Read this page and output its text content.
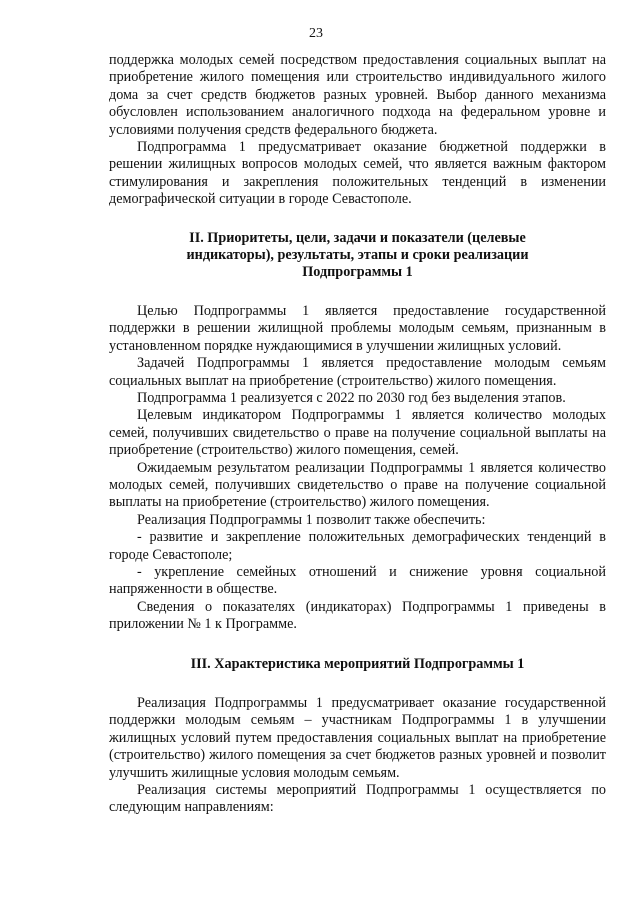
23

поддержка молодых семей посредством предоставления социальных выплат на приобретение жилого помещения или строительство индивидуального жилого дома за счет средств бюджетов разных уровней. Выбор данного механизма обусловлен использованием аналогичного подхода на федеральном уровне и условиями получения средств федерального бюджета.

Подпрограмма 1 предусматривает оказание бюджетной поддержки в решении жилищных вопросов молодых семей, что является важным фактором стимулирования и закрепления положительных тенденций в изменении демографической ситуации в городе Севастополе.

II. Приоритеты, цели, задачи и показатели (целевые индикаторы), результаты, этапы и сроки реализации Подпрограммы 1

Целью Подпрограммы 1 является предоставление государственной поддержки в решении жилищной проблемы молодым семьям, признанным в установленном порядке нуждающимися в улучшении жилищных условий.

Задачей Подпрограммы 1 является предоставление молодым семьям социальных выплат на приобретение (строительство) жилого помещения.

Подпрограмма 1 реализуется с 2022 по 2030 год без выделения этапов.

Целевым индикатором Подпрограммы 1 является количество молодых семей, получивших свидетельство о праве на получение социальной выплаты на приобретение (строительство) жилого помещения, семей.

Ожидаемым результатом реализации Подпрограммы 1 является количество молодых семей, получивших свидетельство о праве на получение социальной выплаты на приобретение (строительство) жилого помещения.

Реализация Подпрограммы 1 позволит также обеспечить:

- развитие и закрепление положительных демографических тенденций в городе Севастополе;

- укрепление семейных отношений и снижение уровня социальной напряженности в обществе.

Сведения о показателях (индикаторах) Подпрограммы 1 приведены в приложении № 1 к Программе.

III. Характеристика мероприятий Подпрограммы 1

Реализация Подпрограммы 1 предусматривает оказание государственной поддержки молодым семьям – участникам Подпрограммы 1 в улучшении жилищных условий путем предоставления социальных выплат на приобретение (строительство) жилого помещения за счет бюджетов разных уровней и позволит улучшить жилищные условия молодым семьям.

Реализация системы мероприятий Подпрограммы 1 осуществляется по следующим направлениям:
